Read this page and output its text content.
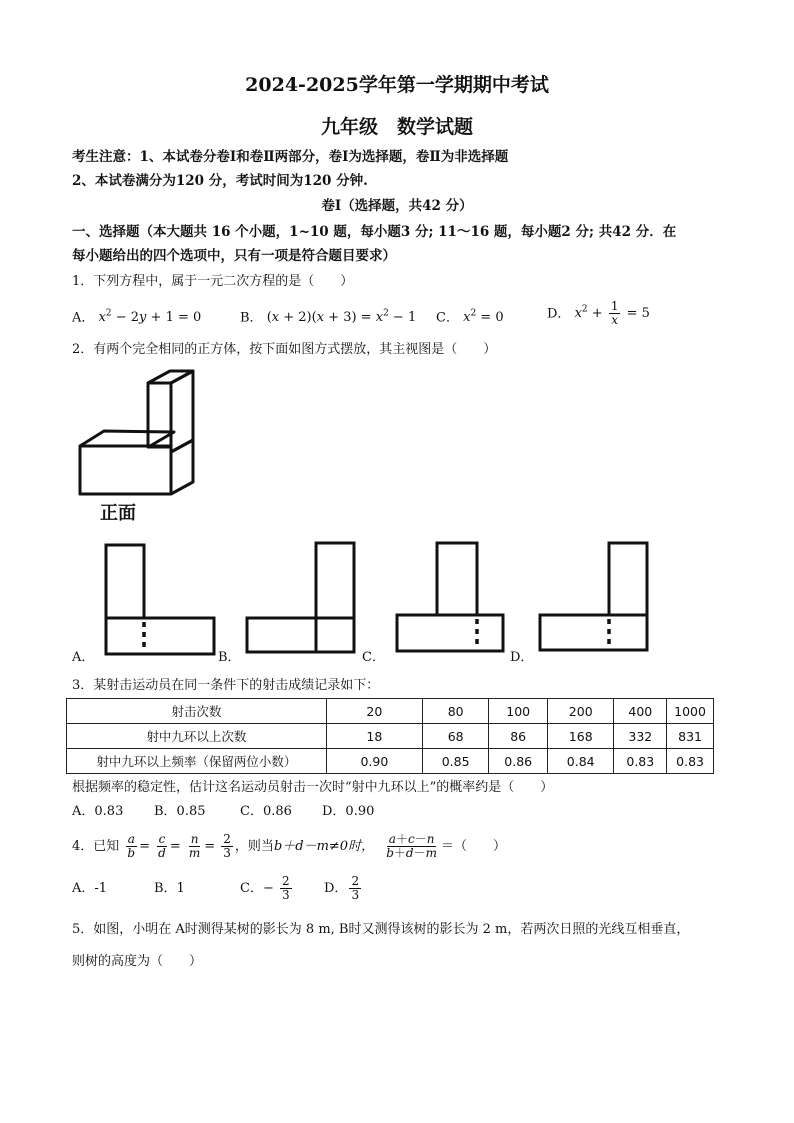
2024-2025学年第一学期期中考试
九年级　数学试题
考生注意：1、本试卷分卷Ⅰ和卷Ⅱ两部分，卷Ⅰ为选择题，卷Ⅱ为非选择题
2、本试卷满分为120 分，考试时间为120 分钟.
卷Ⅰ（选择题，共42 分）
一、选择题（本大题共 16 个小题，1~10 题，每小题3 分; 11～16 题，每小题2 分; 共42 分．在
每小题给出的四个选项中，只有一项是符合题目要求）
1．下列方程中，属于一元二次方程的是（　　）
A． $x^2 - 2y + 1 = 0$	B． $(x + 2)(x + 3) = x^2 - 1$ C． $x^2 = 0$	D． $x^2 + \frac{1}{x} = 5$
2．有两个完全相同的正方体，按下面如图方式摆放，其主视图是（　　）
正面
A．	B．	C．	D．
3．某射击运动员在同一条件下的射击成绩记录如下：
射击次数	20	80	100	200	400	1000
射中九环以上次数	18	68	86	168	332	831
射中九环以上频率（保留两位小数）	0.90	0.85	0.86	0.84	0.83	0.83
根据频率的稳定性，估计这名运动员射击一次时“射中九环以上”的概率约是（　　）
A．0.83 B．0.85	C．0.86 D．0.90
4．已知 $\frac{a}{b} = \frac{c}{d} = \frac{n}{m} = \frac{2}{3}$ ，则当b＋d－m≠0时， $\frac{a+c-n}{b+d-m}$ ＝（　　）
A．-1	B．1	C．− $\frac{2}{3}$ D． $\frac{2}{3}$
5．如图，小明在 A时测得某树的影长为 8 m, B时又测得该树的影长为 2 m，若两次日照的光线互相垂直，
则树的高度为（　　）
